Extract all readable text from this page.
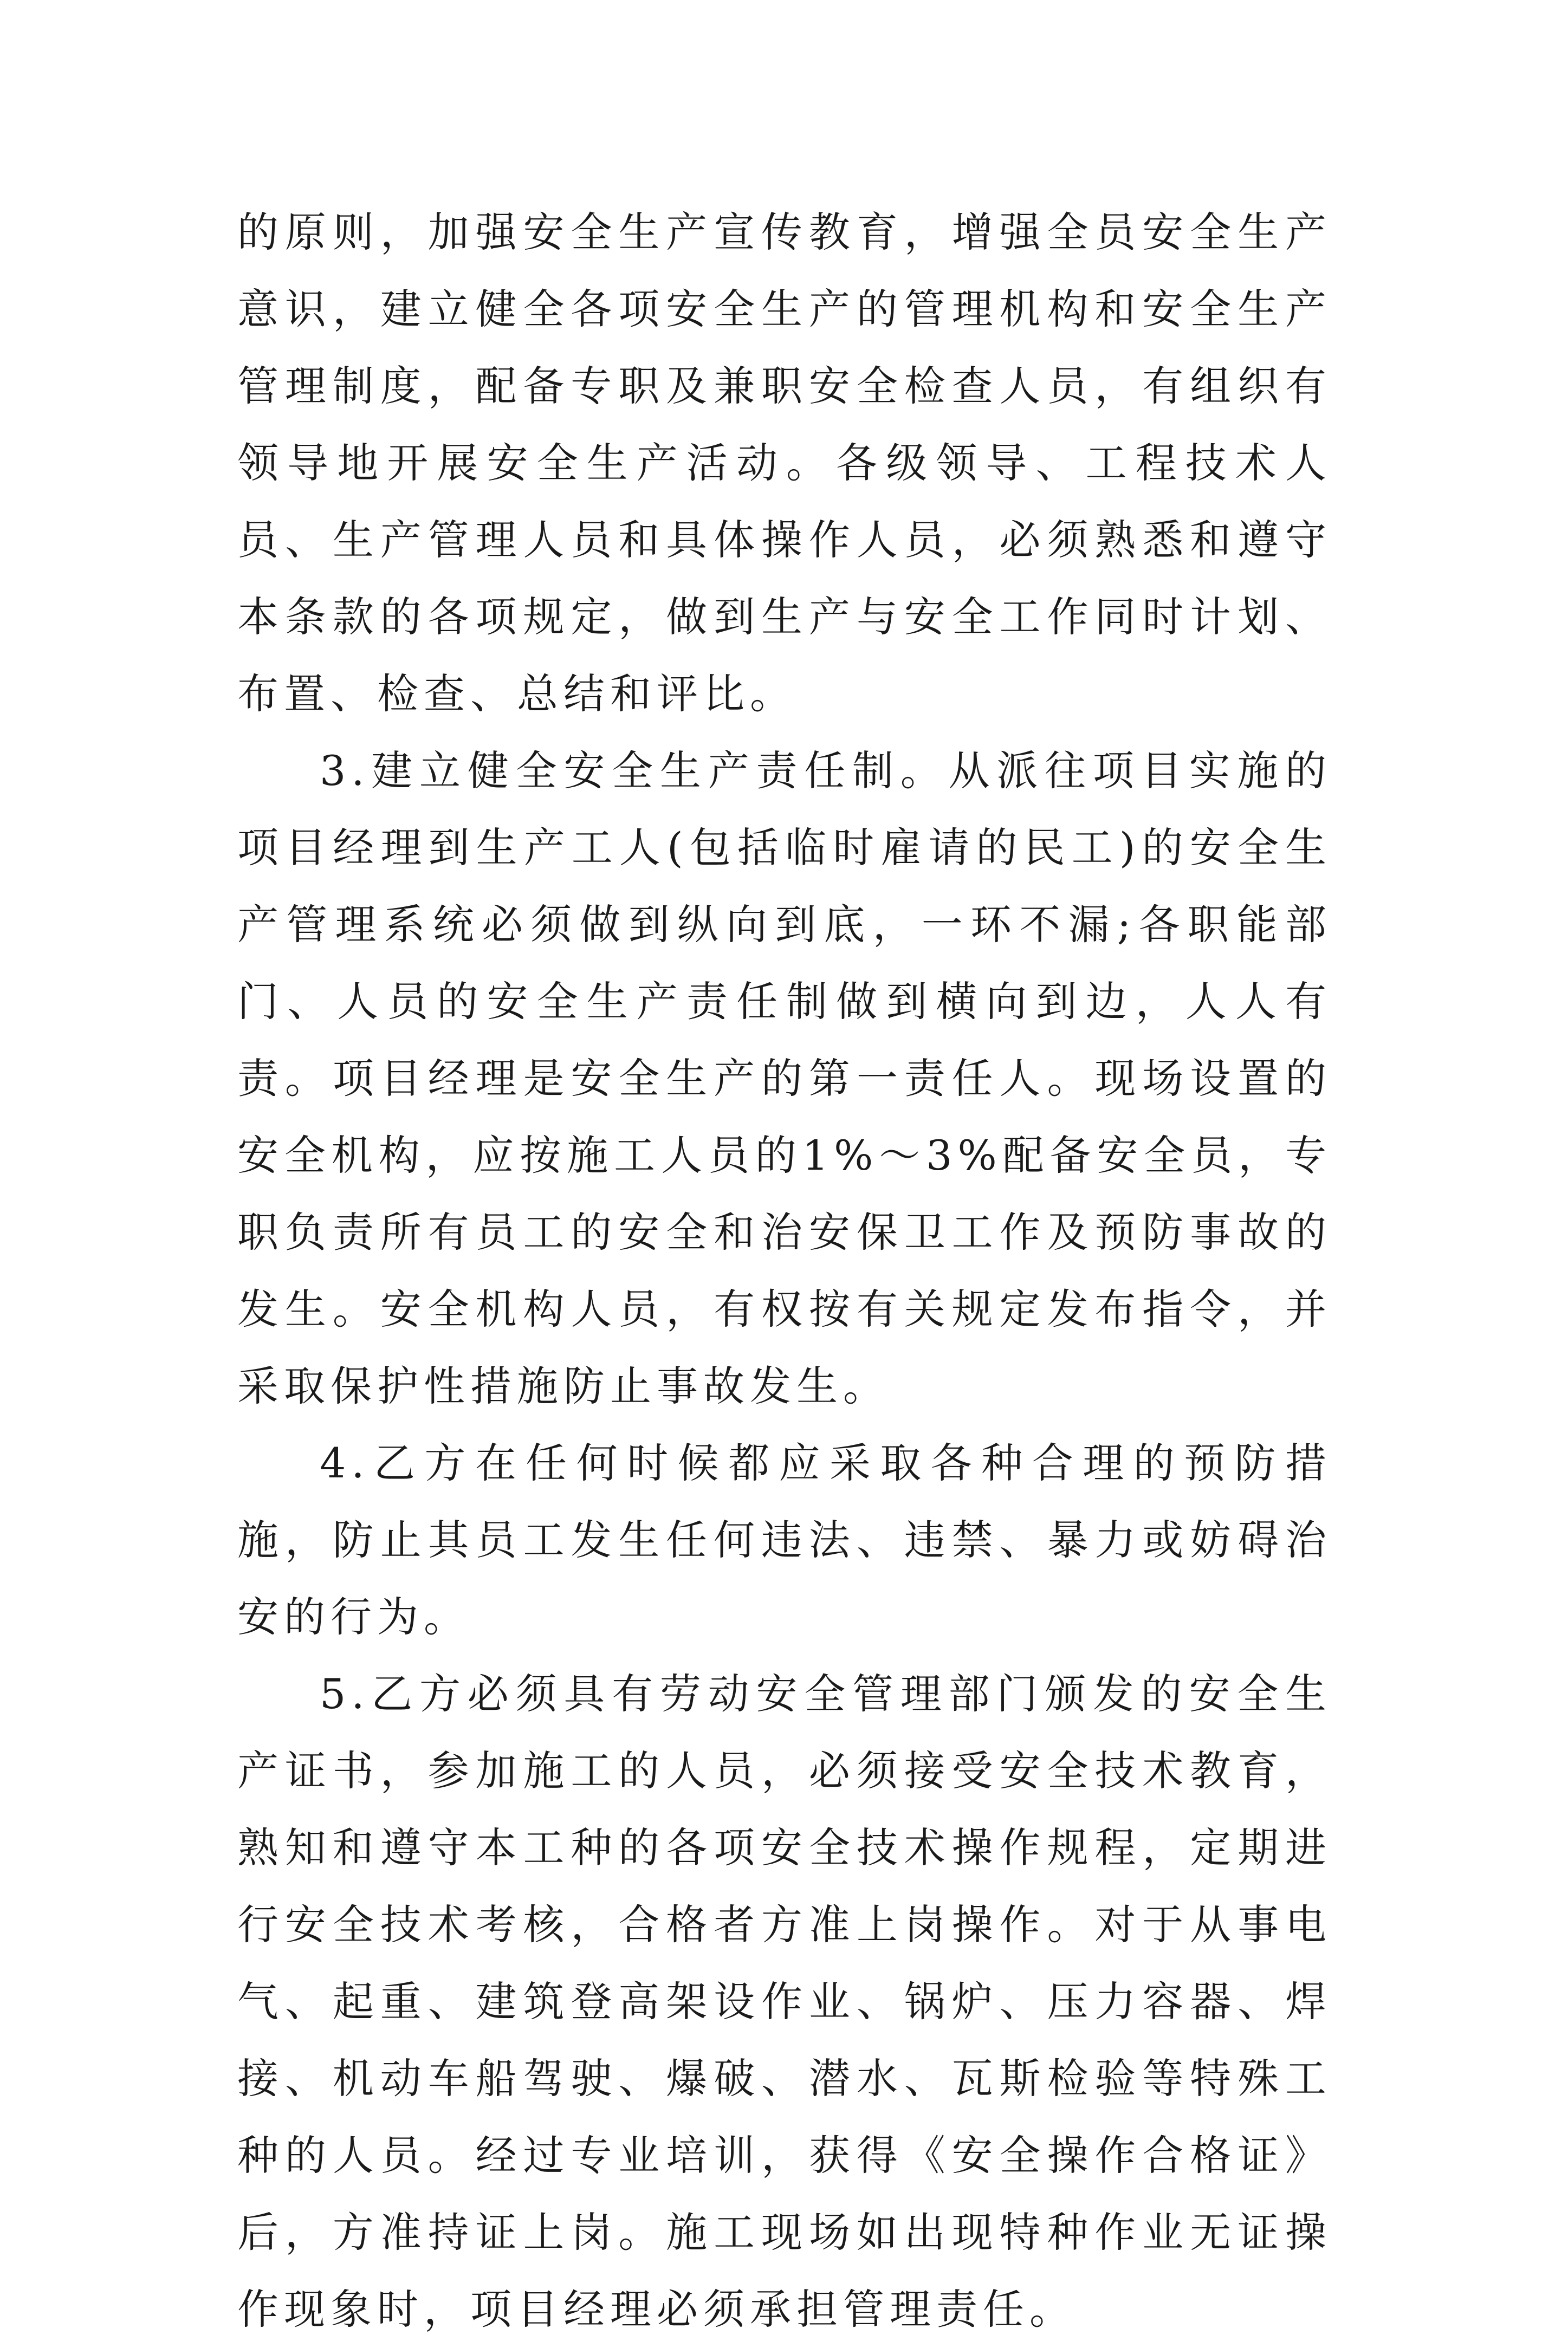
的原则，加强安全生产宣传教育，增强全员安全生产意识，建立健全各项安全生产的管理机构和安全生产管理制度，配备专职及兼职安全检查人员，有组织有领导地开展安全生产活动。各级领导、工程技术人员、生产管理人员和具体操作人员，必须熟悉和遵守本条款的各项规定，做到生产与安全工作同时计划、布置、检查、总结和评比。

3.建立健全安全生产责任制。从派往项目实施的项目经理到生产工人(包括临时雇请的民工)的安全生产管理系统必须做到纵向到底，一环不漏;各职能部门、人员的安全生产责任制做到横向到边，人人有责。项目经理是安全生产的第一责任人。现场设置的安全机构，应按施工人员的1%～3%配备安全员，专职负责所有员工的安全和治安保卫工作及预防事故的发生。安全机构人员，有权按有关规定发布指令，并采取保护性措施防止事故发生。

4.乙方在任何时候都应采取各种合理的预防措施，防止其员工发生任何违法、违禁、暴力或妨碍治安的行为。

5.乙方必须具有劳动安全管理部门颁发的安全生产证书，参加施工的人员，必须接受安全技术教育，熟知和遵守本工种的各项安全技术操作规程，定期进行安全技术考核，合格者方准上岗操作。对于从事电气、起重、建筑登高架设作业、锅炉、压力容器、焊接、机动车船驾驶、爆破、潜水、瓦斯检验等特殊工种的人员。经过专业培训，获得《安全操作合格证》后，方准持证上岗。施工现场如出现特种作业无证操作现象时，项目经理必须承担管理责任。
